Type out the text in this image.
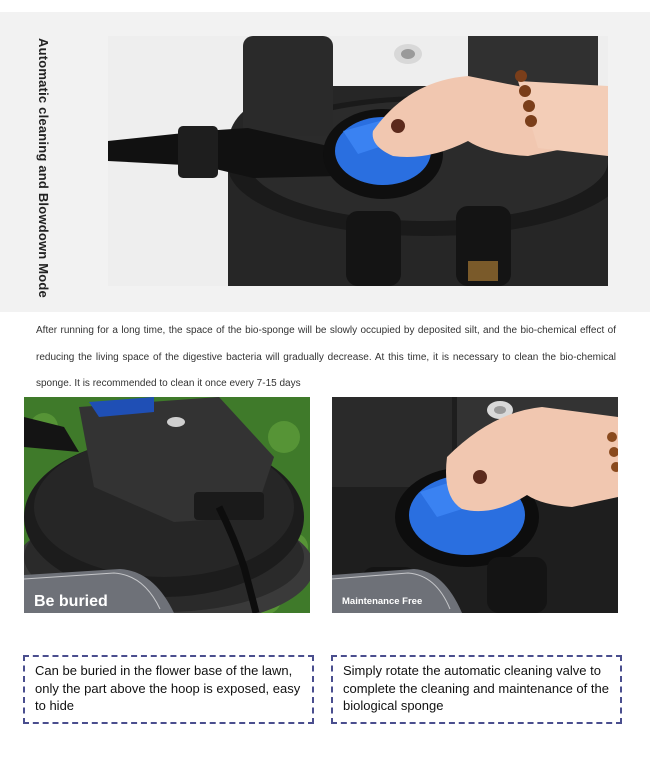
Automatic cleaning and Blowdown Mode

After running for a long time, the space of the bio-sponge will be slowly occupied by deposited silt, and the bio-chemical effect of reducing the living space of the digestive bacteria will gradually decrease. At this time, it is necessary to clean the bio-chemical sponge. It is recommended to clean it once every 7-15 days

Be buried	Maintenance Free
Can be buried in the flower base of the lawn, only the part above the hoop is exposed, easy to hide
Simply rotate the automatic cleaning valve to complete the cleaning and maintenance of the biological sponge
